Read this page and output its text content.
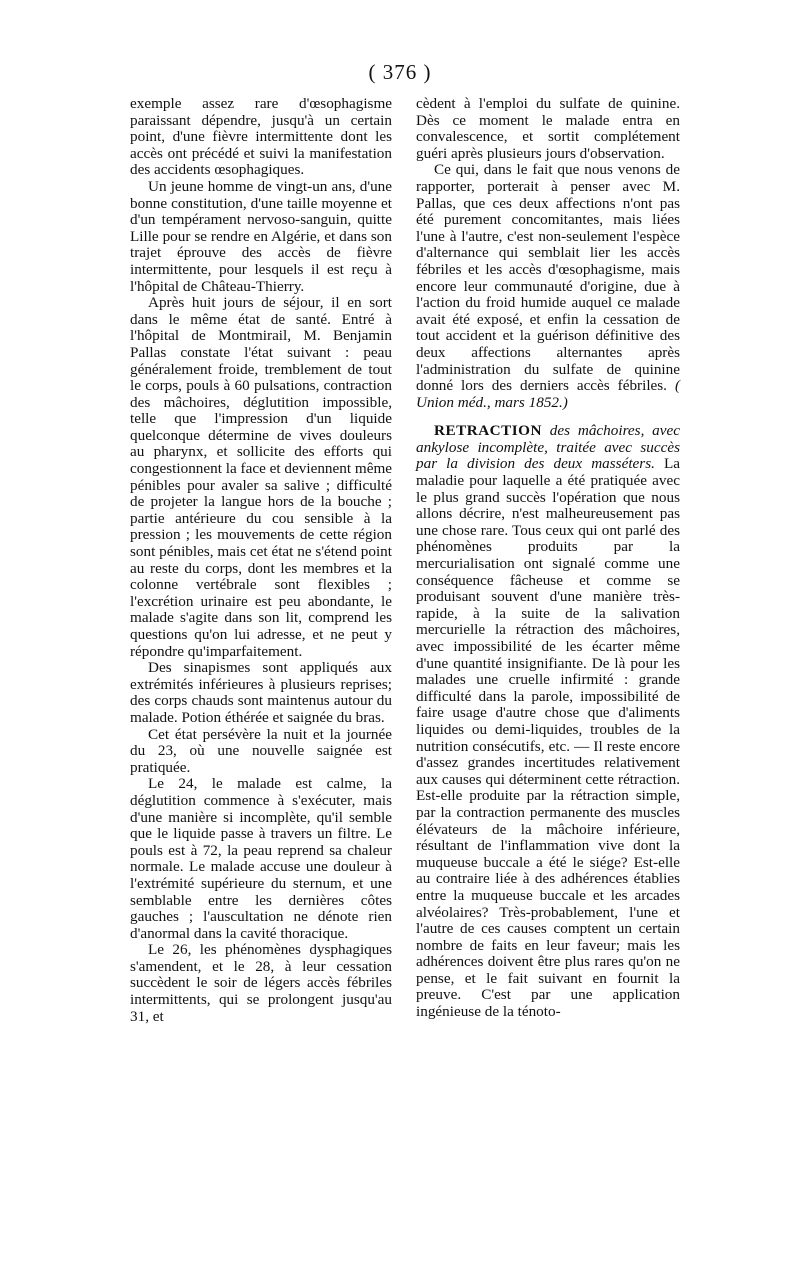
( 376 )

exemple assez rare d'œsophagisme paraissant dépendre, jusqu'à un certain point, d'une fièvre intermittente dont les accès ont précédé et suivi la manifestation des accidents œsophagiques.

Un jeune homme de vingt-un ans, d'une bonne constitution, d'une taille moyenne et d'un tempérament nervoso-sanguin, quitte Lille pour se rendre en Algérie, et dans son trajet éprouve des accès de fièvre intermittente, pour lesquels il est reçu à l'hôpital de Château-Thierry.

Après huit jours de séjour, il en sort dans le même état de santé. Entré à l'hôpital de Montmirail, M. Benjamin Pallas constate l'état suivant : peau généralement froide, tremblement de tout le corps, pouls à 60 pulsations, contraction des mâchoires, déglutition impossible, telle que l'impression d'un liquide quelconque détermine de vives douleurs au pharynx, et sollicite des efforts qui congestionnent la face et deviennent même pénibles pour avaler sa salive ; difficulté de projeter la langue hors de la bouche ; partie antérieure du cou sensible à la pression ; les mouvements de cette région sont pénibles, mais cet état ne s'étend point au reste du corps, dont les membres et la colonne vertébrale sont flexibles ; l'excrétion urinaire est peu abondante, le malade s'agite dans son lit, comprend les questions qu'on lui adresse, et ne peut y répondre qu'imparfaitement.

Des sinapismes sont appliqués aux extrémités inférieures à plusieurs reprises; des corps chauds sont maintenus autour du malade. Potion éthérée et saignée du bras.

Cet état persévère la nuit et la journée du 23, où une nouvelle saignée est pratiquée.

Le 24, le malade est calme, la déglutition commence à s'exécuter, mais d'une manière si incomplète, qu'il semble que le liquide passe à travers un filtre. Le pouls est à 72, la peau reprend sa chaleur normale. Le malade accuse une douleur à l'extrémité supérieure du sternum, et une semblable entre les dernières côtes gauches ; l'auscultation ne dénote rien d'anormal dans la cavité thoracique.

Le 26, les phénomènes dysphagiques s'amendent, et le 28, à leur cessation succèdent le soir de légers accès fébriles intermittents, qui se prolongent jusqu'au 31, et

cèdent à l'emploi du sulfate de quinine. Dès ce moment le malade entra en convalescence, et sortit complétement guéri après plusieurs jours d'observation.

Ce qui, dans le fait que nous venons de rapporter, porterait à penser avec M. Pallas, que ces deux affections n'ont pas été purement concomitantes, mais liées l'une à l'autre, c'est non-seulement l'espèce d'alternance qui semblait lier les accès fébriles et les accès d'œsophagisme, mais encore leur communauté d'origine, due à l'action du froid humide auquel ce malade avait été exposé, et enfin la cessation de tout accident et la guérison définitive des deux affections alternantes après l'administration du sulfate de quinine donné lors des derniers accès fébriles. ( Union méd., mars 1852.)

RETRACTION des mâchoires, avec ankylose incomplète, traitée avec succès par la division des deux masséters. La maladie pour laquelle a été pratiquée avec le plus grand succès l'opération que nous allons décrire, n'est malheureusement pas une chose rare. Tous ceux qui ont parlé des phénomènes produits par la mercurialisation ont signalé comme une conséquence fâcheuse et comme se produisant souvent d'une manière très-rapide, à la suite de la salivation mercurielle la rétraction des mâchoires, avec impossibilité de les écarter même d'une quantité insignifiante. De là pour les malades une cruelle infirmité : grande difficulté dans la parole, impossibilité de faire usage d'autre chose que d'aliments liquides ou demi-liquides, troubles de la nutrition consécutifs, etc. — Il reste encore d'assez grandes incertitudes relativement aux causes qui déterminent cette rétraction. Est-elle produite par la rétraction simple, par la contraction permanente des muscles élévateurs de la mâchoire inférieure, résultant de l'inflammation vive dont la muqueuse buccale a été le siége? Est-elle au contraire liée à des adhérences établies entre la muqueuse buccale et les arcades alvéolaires? Très-probablement, l'une et l'autre de ces causes comptent un certain nombre de faits en leur faveur; mais les adhérences doivent être plus rares qu'on ne pense, et le fait suivant en fournit la preuve. C'est par une application ingénieuse de la ténoto-
